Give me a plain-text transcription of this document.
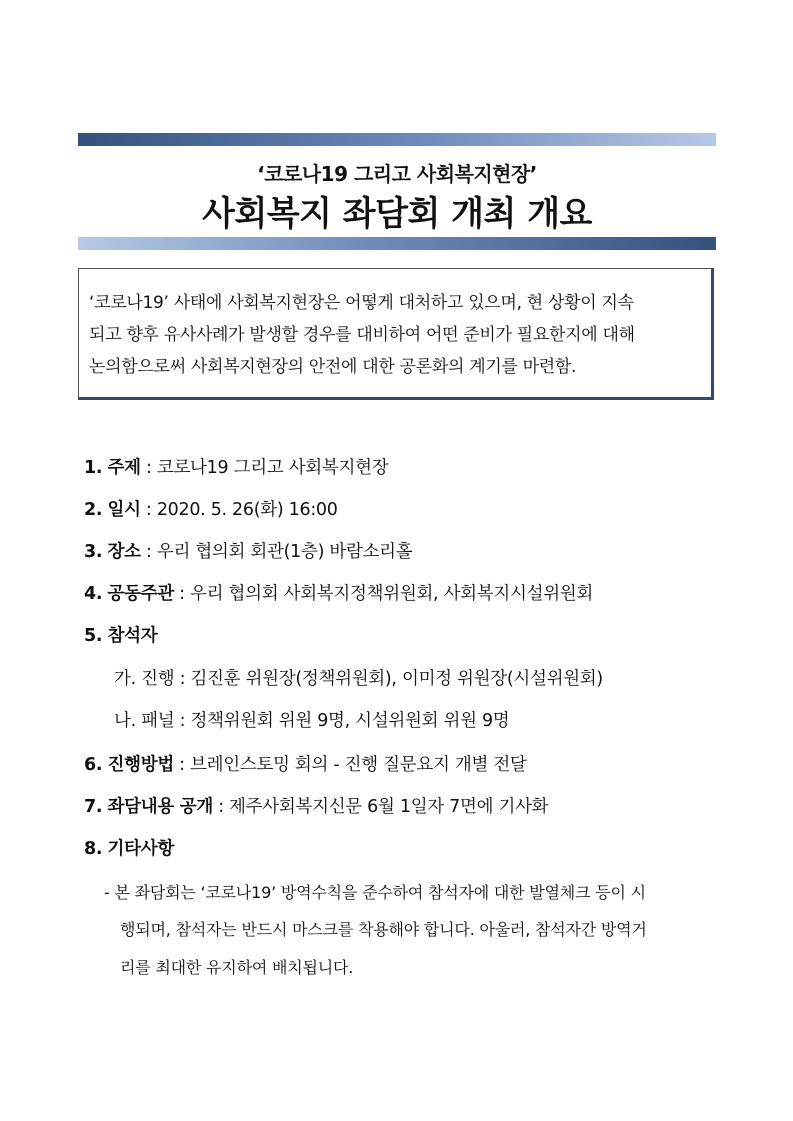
‘코로나19 그리고 사회복지현장’
사회복지 좌담회 개최 개요
‘코로나19’ 사태에 사회복지현장은 어떻게 대처하고 있으며, 현 상황이 지속
되고 향후 유사사례가 발생할 경우를 대비하여 어떤 준비가 필요한지에 대해
논의함으로써 사회복지현장의 안전에 대한 공론화의 계기를 마련함.
1. 주제 : 코로나19 그리고 사회복지현장
2. 일시 : 2020. 5. 26(화) 16:00
3. 장소 : 우리 협의회 회관(1층) 바람소리홀
4. 공동주관 : 우리 협의회 사회복지정책위원회, 사회복지시설위원회
5. 참석자
가. 진행 : 김진훈 위원장(정책위원회), 이미정 위원장(시설위원회)
나. 패널 : 정책위원회 위원 9명, 시설위원회 위원 9명
6. 진행방법 : 브레인스토밍 회의 - 진행 질문요지 개별 전달
7. 좌담내용 공개 : 제주사회복지신문 6월 1일자 7면에 기사화
8. 기타사항
- 본 좌담회는 ‘코로나19’ 방역수칙을 준수하여 참석자에 대한 발열체크 등이 시
행되며, 참석자는 반드시 마스크를 착용해야 합니다. 아울러, 참석자간 방역거
리를 최대한 유지하여 배치됩니다.
